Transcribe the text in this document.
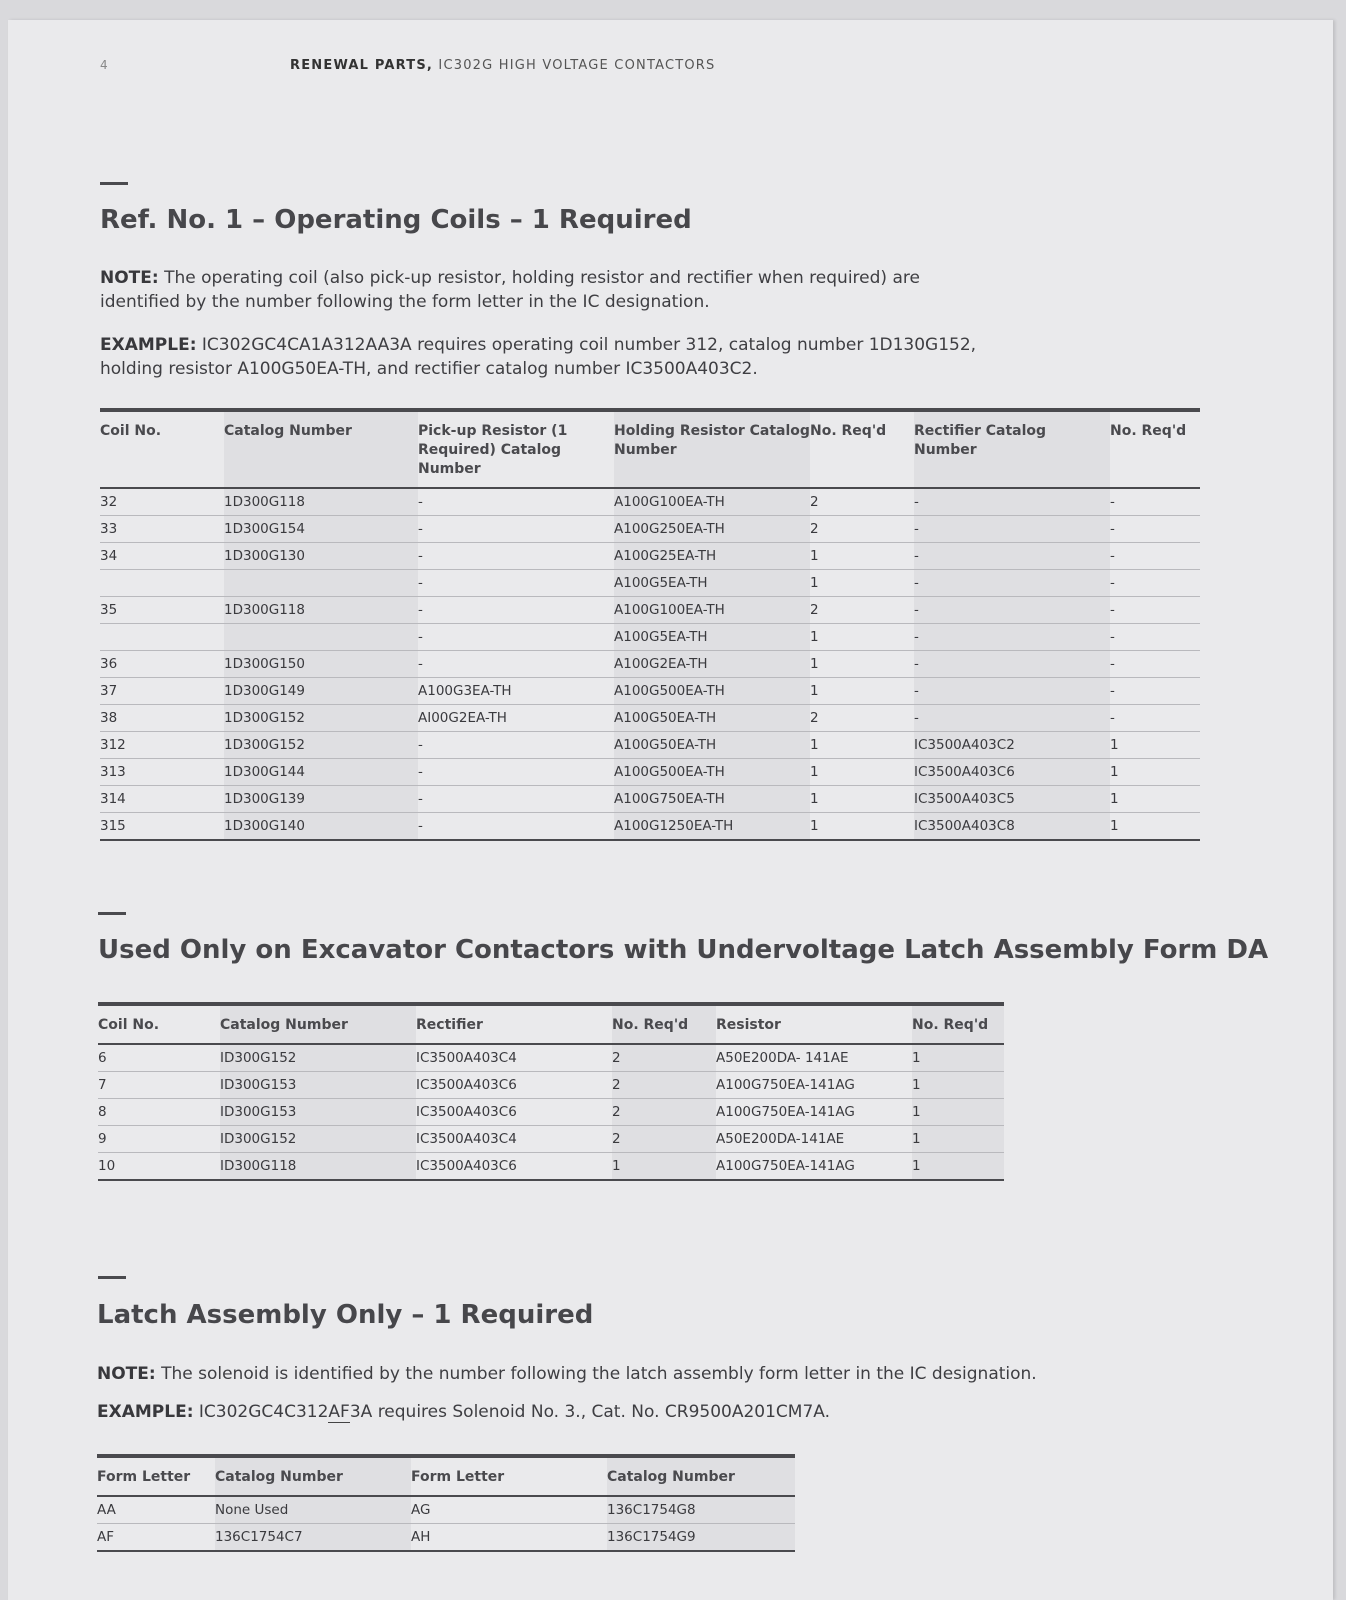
4	RENEWAL PARTS, IC302G HIGH VOLTAGE CONTACTORS
Ref. No. 1 – Operating Coils – 1 Required

NOTE: The operating coil (also pick-up resistor, holding resistor and rectifier when required) are identified by the number following the form letter in the IC designation.

EXAMPLE: IC302GC4CA1A312AA3A requires operating coil number 312, catalog number 1D130G152, holding resistor A100G50EA-TH, and rectifier catalog number IC3500A403C2.

Coil No.	Catalog Number	Pick-up Resistor (1 Required) Catalog Number	Holding Resistor Catalog Number	No. Req'd	Rectifier Catalog Number	No. Req'd
32	1D300G118	-	A100G100EA-TH	2	-	-
33	1D300G154	-	A100G250EA-TH	2	-	-
34	1D300G130	-	A100G25EA-TH	1	-	-
		-	A100G5EA-TH	1	-	-
35	1D300G118	-	A100G100EA-TH	2	-	-
		-	A100G5EA-TH	1	-	-
36	1D300G150	-	A100G2EA-TH	1	-	-
37	1D300G149	A100G3EA-TH	A100G500EA-TH	1	-	-
38	1D300G152	AI00G2EA-TH	A100G50EA-TH	2	-	-
312	1D300G152	-	A100G50EA-TH	1	IC3500A403C2	1
313	1D300G144	-	A100G500EA-TH	1	IC3500A403C6	1
314	1D300G139	-	A100G750EA-TH	1	IC3500A403C5	1
315	1D300G140	-	A100G1250EA-TH	1	IC3500A403C8	1
Used Only on Excavator Contactors with Undervoltage Latch Assembly Form DA
Coil No.	Catalog Number	Rectifier	No. Req'd	Resistor	No. Req'd
6	ID300G152	IC3500A403C4	2	A50E200DA- 141AE	1
7	ID300G153	IC3500A403C6	2	A100G750EA-141AG	1
8	ID300G153	IC3500A403C6	2	A100G750EA-141AG	1
9	ID300G152	IC3500A403C4	2	A50E200DA-141AE	1
10	ID300G118	IC3500A403C6	1	A100G750EA-141AG	1
Latch Assembly Only – 1 Required

NOTE: The solenoid is identified by the number following the latch assembly form letter in the IC designation.

EXAMPLE: IC302GC4C312AF3A requires Solenoid No. 3., Cat. No. CR9500A201CM7A.

Form Letter	Catalog Number	Form Letter	Catalog Number
AA	None Used	AG	136C1754G8
AF	136C1754C7	AH	136C1754G9
